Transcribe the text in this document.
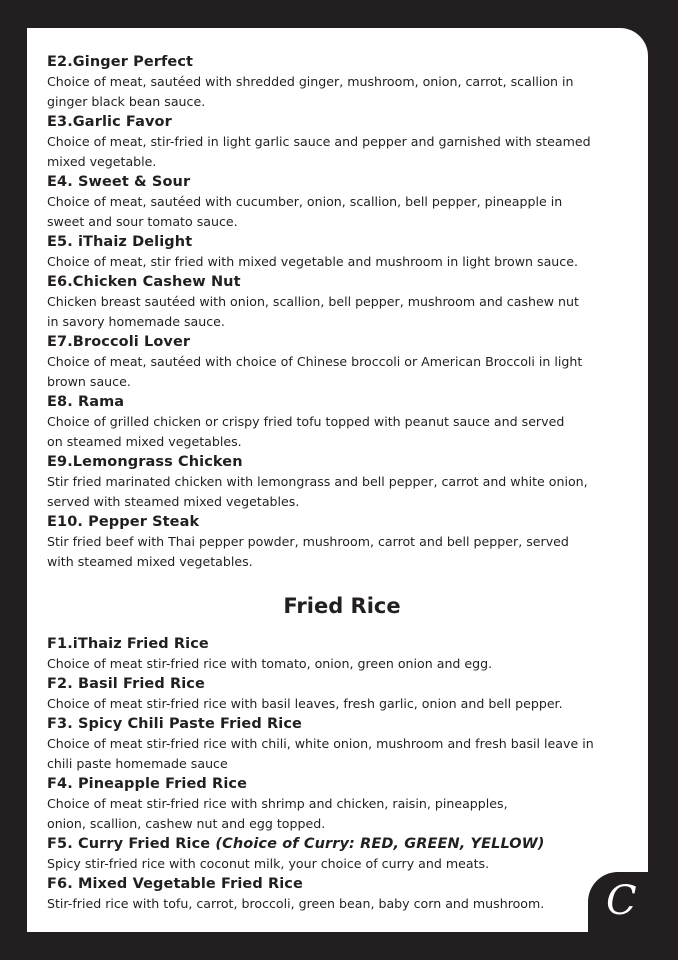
E2.Ginger Perfect

Choice of meat, sautéed with shredded ginger, mushroom, onion, carrot, scallion in
ginger black bean sauce.

E3.Garlic Favor

Choice of meat, stir-fried in light garlic sauce and pepper and garnished with steamed
mixed vegetable.

E4. Sweet & Sour

Choice of meat, sautéed with cucumber, onion, scallion, bell pepper, pineapple in
sweet and sour tomato sauce.

E5. iThaiz Delight

Choice of meat, stir fried with mixed vegetable and mushroom in light brown sauce.

E6.Chicken Cashew Nut

Chicken breast sautéed with onion, scallion, bell pepper, mushroom and cashew nut
in savory homemade sauce.

E7.Broccoli Lover

Choice of meat, sautéed with choice of Chinese broccoli or American Broccoli in light
brown sauce.

E8. Rama

Choice of grilled chicken or crispy fried tofu topped with peanut sauce and served
on steamed mixed vegetables.

E9.Lemongrass Chicken

Stir fried marinated chicken with lemongrass and bell pepper, carrot and white onion,
served with steamed mixed vegetables.

E10. Pepper Steak

Stir fried beef with Thai pepper powder, mushroom, carrot and bell pepper, served
with steamed mixed vegetables.

Fried Rice
F1.iThaiz Fried Rice

Choice of meat stir-fried rice with tomato, onion, green onion and egg.

F2. Basil Fried Rice

Choice of meat stir-fried rice with basil leaves, fresh garlic, onion and bell pepper.

F3. Spicy Chili Paste Fried Rice

Choice of meat stir-fried rice with chili, white onion, mushroom and fresh basil leave in
chili paste homemade sauce

F4. Pineapple Fried Rice

Choice of meat stir-fried rice with shrimp and chicken, raisin, pineapples,
onion, scallion, cashew nut and egg topped.

F5. Curry Fried Rice (Choice of Curry: RED, GREEN, YELLOW)

Spicy stir-fried rice with coconut milk, your choice of curry and meats.

F6. Mixed Vegetable Fried Rice

Stir-fried rice with tofu, carrot, broccoli, green bean, baby corn and mushroom.	C
